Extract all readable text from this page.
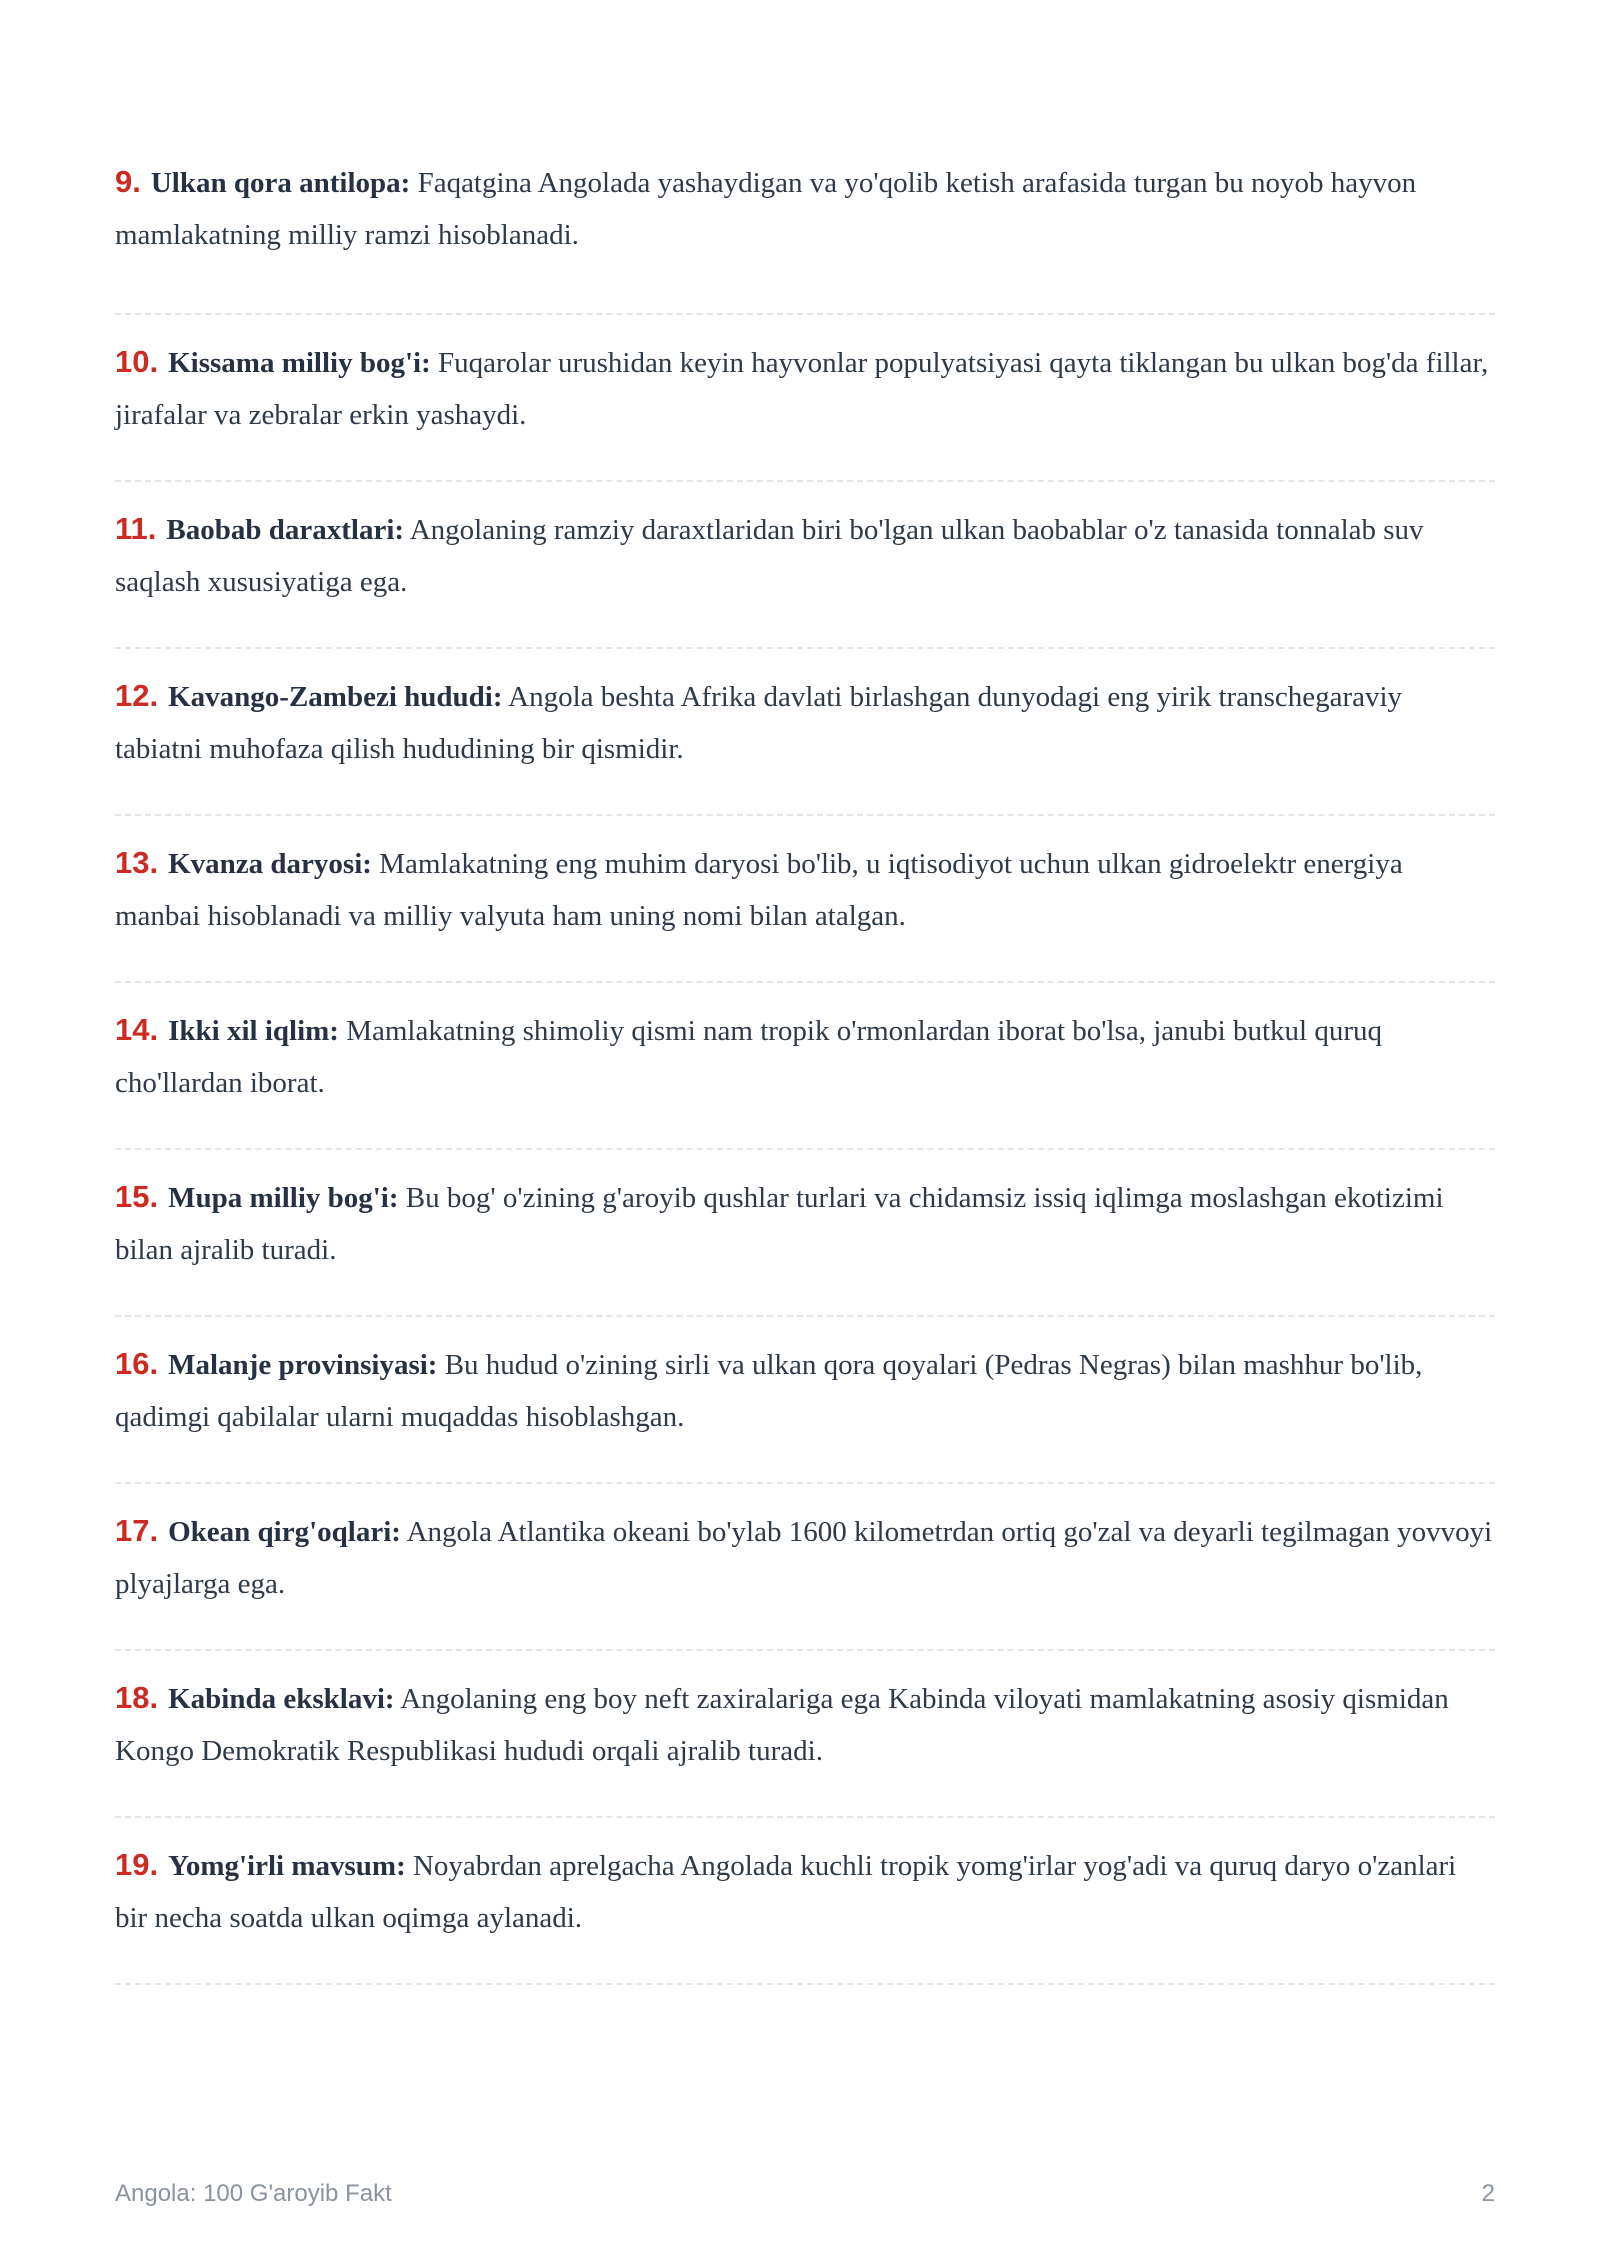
9. Ulkan qora antilopa: Faqatgina Angolada yashaydigan va yo'qolib ketish arafasida turgan bu noyob hayvon mamlakatning milliy ramzi hisoblanadi.

10. Kissama milliy bog'i: Fuqarolar urushidan keyin hayvonlar populyatsiyasi qayta tiklangan bu ulkan bog'da fillar, jirafalar va zebralar erkin yashaydi.

11. Baobab daraxtlari: Angolaning ramziy daraxtlaridan biri bo'lgan ulkan baobablar o'z tanasida tonnalab suv saqlash xususiyatiga ega.

12. Kavango-Zambezi hududi: Angola beshta Afrika davlati birlashgan dunyodagi eng yirik transchegaraviy tabiatni muhofaza qilish hududining bir qismidir.

13. Kvanza daryosi: Mamlakatning eng muhim daryosi bo'lib, u iqtisodiyot uchun ulkan gidroelektr energiya manbai hisoblanadi va milliy valyuta ham uning nomi bilan atalgan.

14. Ikki xil iqlim: Mamlakatning shimoliy qismi nam tropik o'rmonlardan iborat bo'lsa, janubi butkul quruq cho'llardan iborat.

15. Mupa milliy bog'i: Bu bog' o'zining g'aroyib qushlar turlari va chidamsiz issiq iqlimga moslashgan ekotizimi bilan ajralib turadi.

16. Malanje provinsiyasi: Bu hudud o'zining sirli va ulkan qora qoyalari (Pedras Negras) bilan mashhur bo'lib, qadimgi qabilalar ularni muqaddas hisoblashgan.

17. Okean qirg'oqlari: Angola Atlantika okeani bo'ylab 1600 kilometrdan ortiq go'zal va deyarli tegilmagan yovvoyi plyajlarga ega.

18. Kabinda eksklavi: Angolaning eng boy neft zaxiralariga ega Kabinda viloyati mamlakatning asosiy qismidan Kongo Demokratik Respublikasi hududi orqali ajralib turadi.

19. Yomg'irli mavsum: Noyabrdan aprelgacha Angolada kuchli tropik yomg'irlar yog'adi va quruq daryo o'zanlari bir necha soatda ulkan oqimga aylanadi.

Angola: 100 G'aroyib Fakt	2
